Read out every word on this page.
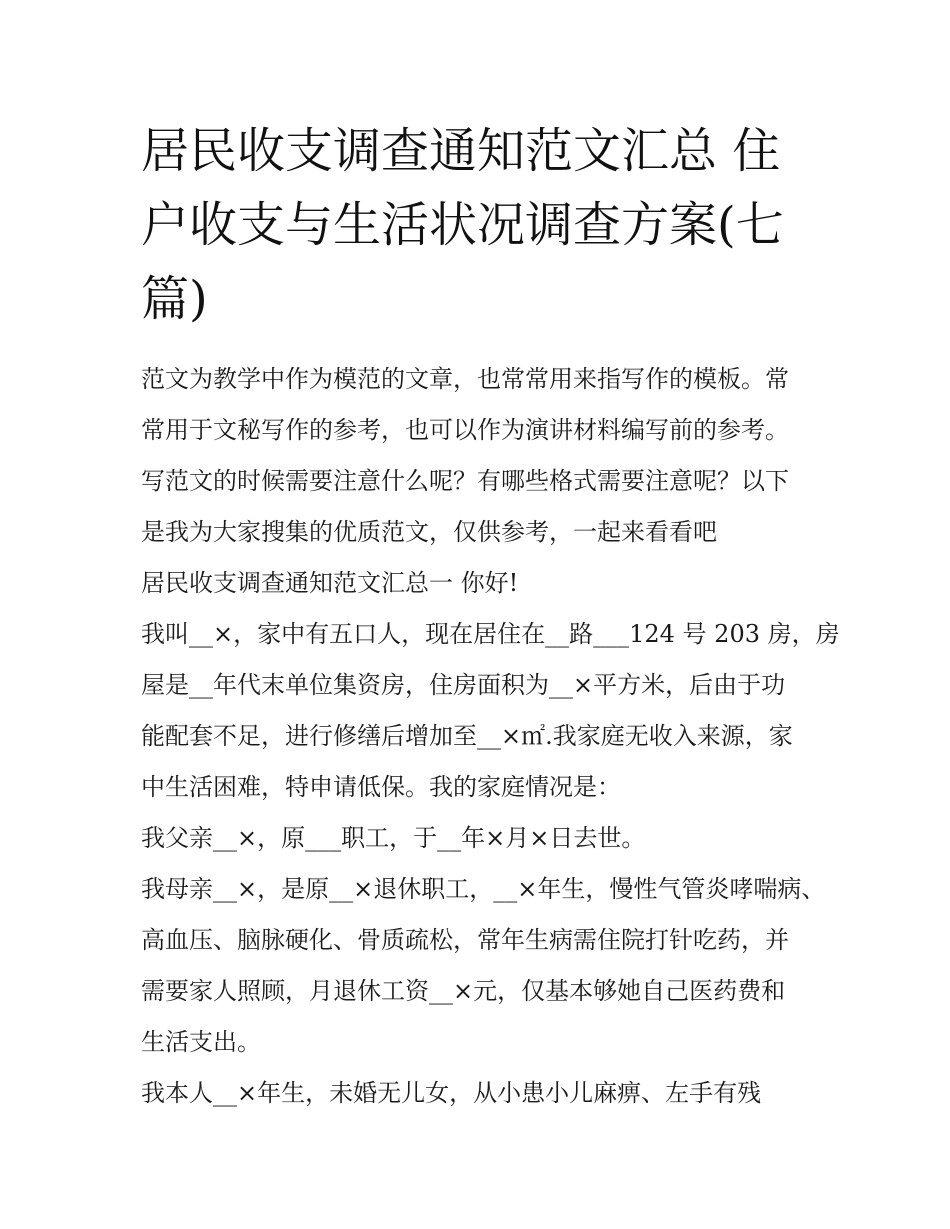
居民收支调查通知范文汇总 住
户收支与生活状况调查方案(七
篇)
范文为教学中作为模范的文章，也常常用来指写作的模板。常
常用于文秘写作的参考，也可以作为演讲材料编写前的参考。
写范文的时候需要注意什么呢？有哪些格式需要注意呢？以下
是我为大家搜集的优质范文，仅供参考，一起来看看吧
居民收支调查通知范文汇总一 你好!
我叫__×，家中有五口人，现在居住在__路___124 号 203 房，房
屋是__年代末单位集资房，住房面积为__×平方米，后由于功
能配套不足，进行修缮后增加至__×㎡.我家庭无收入来源，家
中生活困难，特申请低保。我的家庭情况是：
我父亲__×，原___职工，于__年×月×日去世。
我母亲__×，是原__×退休职工，__×年生，慢性气管炎哮喘病、
高血压、脑脉硬化、骨质疏松，常年生病需住院打针吃药，并
需要家人照顾，月退休工资__×元，仅基本够她自己医药费和
生活支出。
我本人__×年生，未婚无儿女，从小患小儿麻痹、左手有残
